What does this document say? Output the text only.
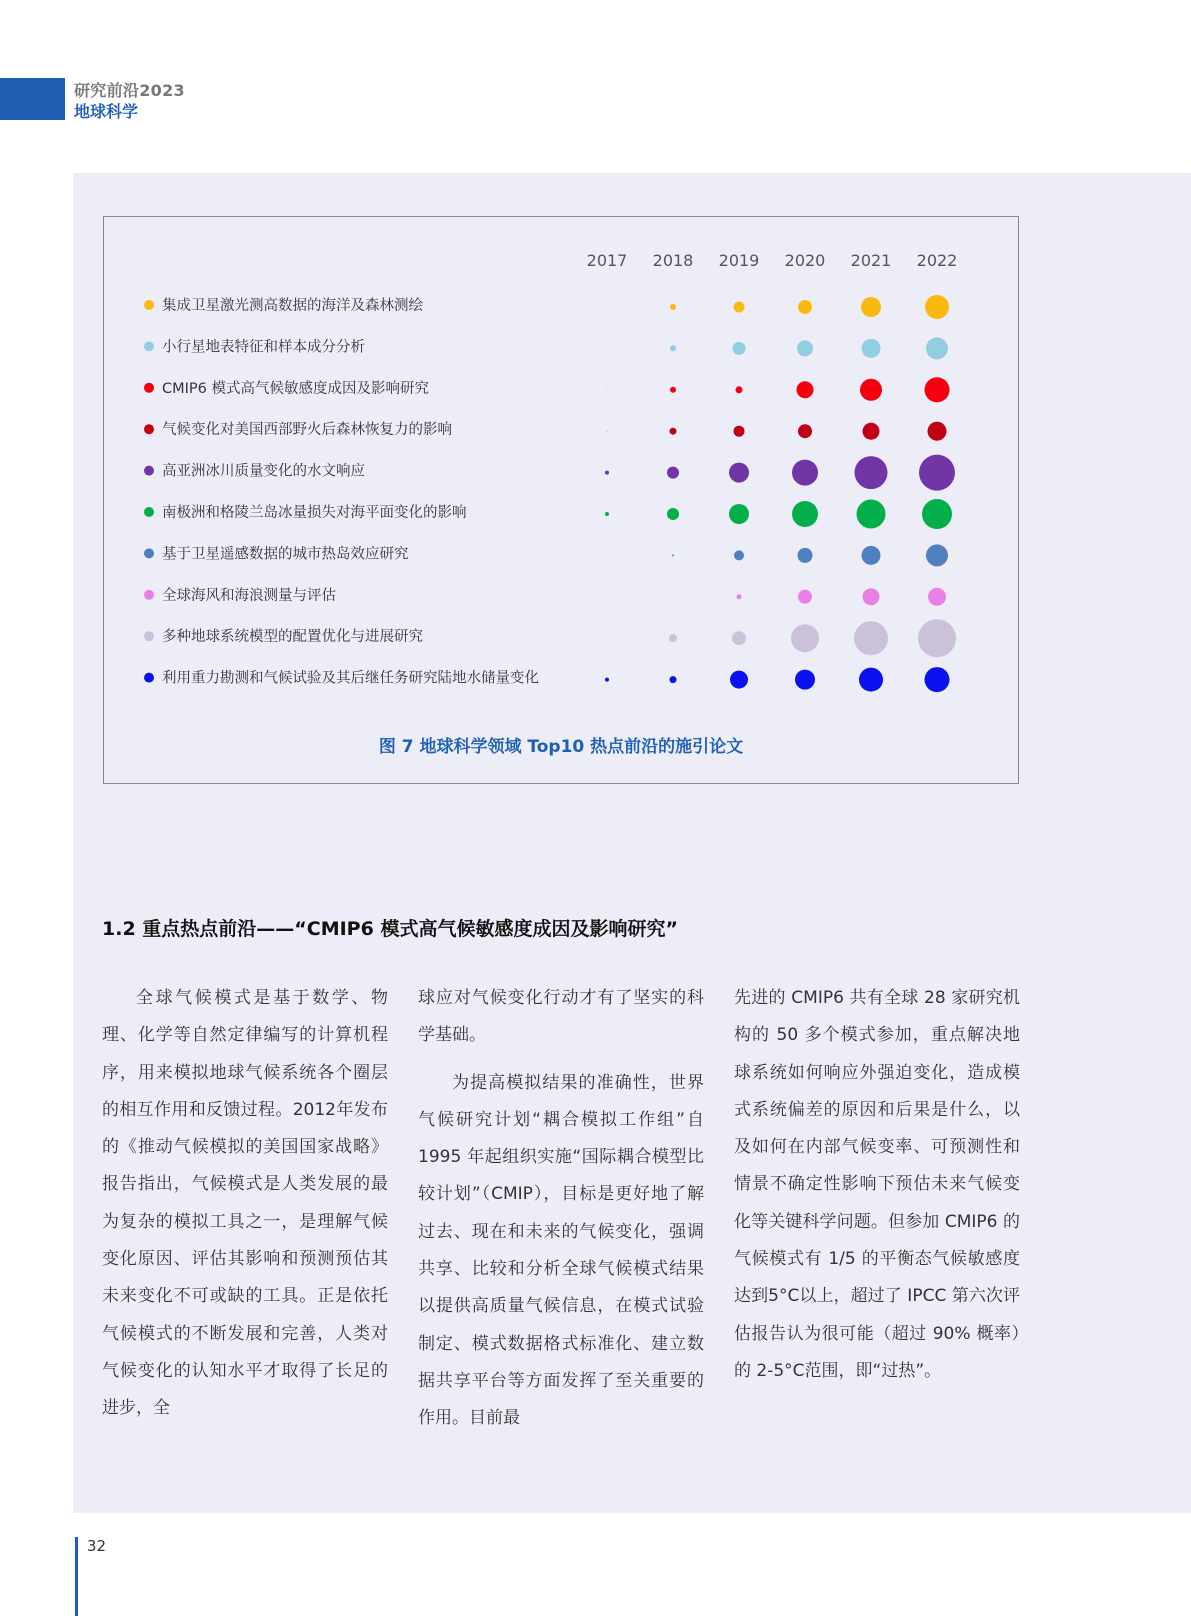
研究前沿2023
地球科学
2017 2018 2019 2020 2021 2022
集成卫星激光测高数据的海洋及森林测绘
小行星地表特征和样本成分分析
CMIP6 模式高气候敏感度成因及影响研究
气候变化对美国西部野火后森林恢复力的影响
高亚洲冰川质量变化的水文响应
南极洲和格陵兰岛冰量损失对海平面变化的影响
基于卫星遥感数据的城市热岛效应研究
全球海风和海浪测量与评估
多种地球系统模型的配置优化与进展研究
利用重力勘测和气候试验及其后继任务研究陆地水储量变化
图 7 地球科学领域 Top10 热点前沿的施引论文
1.2 重点热点前沿——“CMIP6 模式高气候敏感度成因及影响研究”

全球气候模式是基于数学、物理、化学等自然定律编写的计算机程序，用来模拟地球气候系统各个圈层的相互作用和反馈过程。2012年发布的《推动气候模拟的美国国家战略》报告指出，气候模式是人类发展的最为复杂的模拟工具之一，是理解气候变化原因、评估其影响和预测预估其未来变化不可或缺的工具。正是依托气候模式的不断发展和完善，人类对气候变化的认知水平才取得了长足的进步，全

球应对气候变化行动才有了坚实的科学基础。

为提高模拟结果的准确性，世界气候研究计划“耦合模拟工作组”自 1995 年起组织实施“国际耦合模型比较计划”（CMIP），目标是更好地了解过去、现在和未来的气候变化，强调共享、比较和分析全球气候模式结果以提供高质量气候信息，在模式试验制定、模式数据格式标准化、建立数据共享平台等方面发挥了至关重要的作用。目前最

先进的 CMIP6 共有全球 28 家研究机构的 50 多个模式参加，重点解决地球系统如何响应外强迫变化，造成模式系统偏差的原因和后果是什么，以及如何在内部气候变率、可预测性和情景不确定性影响下预估未来气候变化等关键科学问题。但参加 CMIP6 的气候模式有 1/5 的平衡态气候敏感度达到5°C以上，超过了 IPCC 第六次评估报告认为很可能（超过 90% 概率）的 2-5°C范围，即“过热”。

32
